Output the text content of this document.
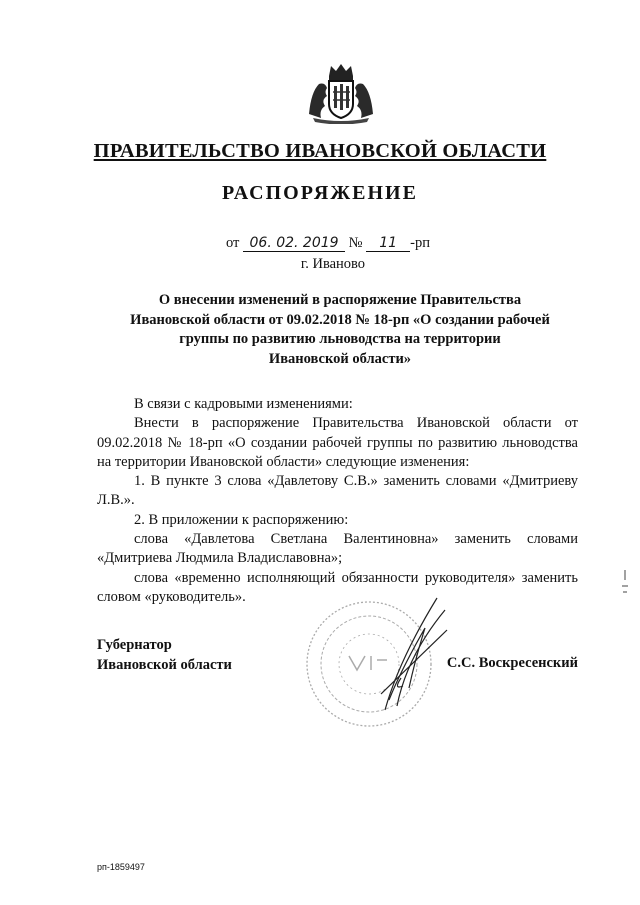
ПРАВИТЕЛЬСТВО ИВАНОВСКОЙ ОБЛАСТИ
РАСПОРЯЖЕНИЕ
от 06. 02. 2019 № 11 -рп
г. Иваново
О внесении изменений в распоряжение Правительства
Ивановской области от 09.02.2018 № 18-рп «О создании рабочей
группы по развитию льноводства на территории
Ивановской области»

В связи с кадровыми изменениями:

Внести в распоряжение Правительства Ивановской области от 09.02.2018 № 18-рп «О создании рабочей группы по развитию льноводства на территории Ивановской области» следующие изменения:

1. В пункте 3 слова «Давлетову С.В.» заменить словами «Дмитриеву Л.В.».

2. В приложении к распоряжению:

слова «Давлетова Светлана Валентиновна» заменить словами «Дмитриева Людмила Владиславовна»;

слова «временно исполняющий обязанности руководителя» заменить словом «руководитель».

Губернатор
Ивановской области	С.С. Воскресенский
рп-1859497
